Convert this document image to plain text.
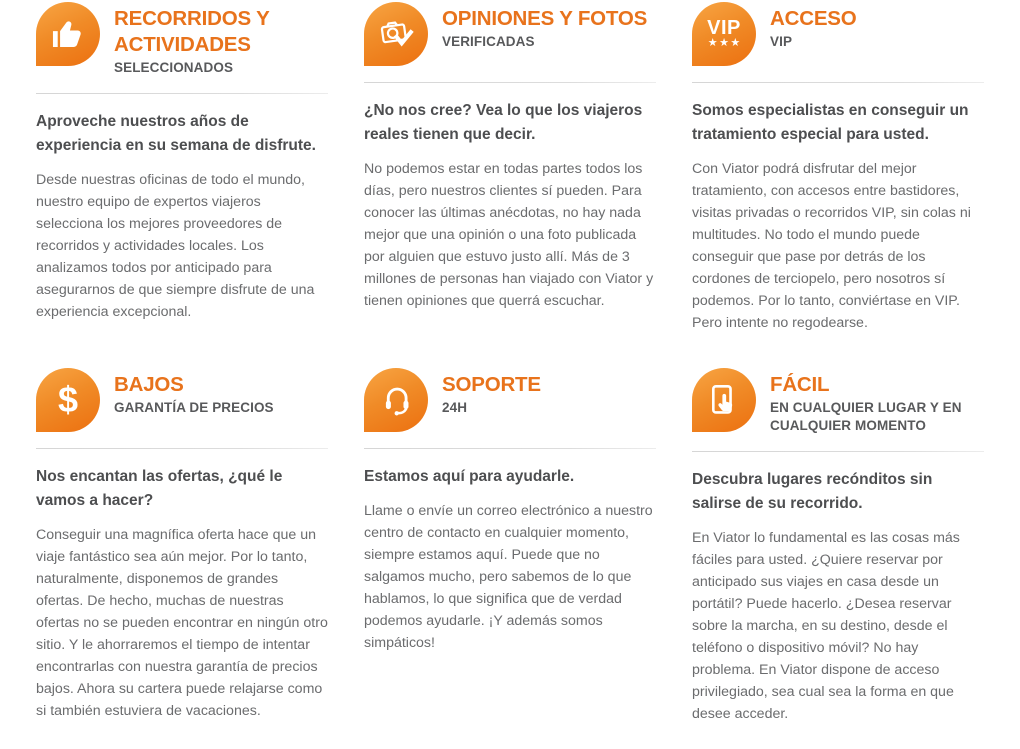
RECORRIDOS Y ACTIVIDADES
SELECCIONADOS
Aproveche nuestros años de experiencia en su semana de disfrute.

Desde nuestras oficinas de todo el mundo, nuestro equipo de expertos viajeros selecciona los mejores proveedores de recorridos y actividades locales. Los analizamos todos por anticipado para asegurarnos de que siempre disfrute de una experiencia excepcional.

OPINIONES Y FOTOS
VERIFICADAS
¿No nos cree? Vea lo que los viajeros reales tienen que decir.

No podemos estar en todas partes todos los días, pero nuestros clientes sí pueden. Para conocer las últimas anécdotas, no hay nada mejor que una opinión o una foto publicada por alguien que estuvo justo allí. Más de 3 millones de personas han viajado con Viator y tienen opiniones que querrá escuchar.

VIP
★★★
ACCESO
VIP
Somos especialistas en conseguir un tratamiento especial para usted.

Con Viator podrá disfrutar del mejor tratamiento, con accesos entre bastidores, visitas privadas o recorridos VIP, sin colas ni multitudes. No todo el mundo puede conseguir que pase por detrás de los cordones de terciopelo, pero nosotros sí podemos. Por lo tanto, conviértase en VIP. Pero intente no regodearse.

$ BAJOS
GARANTÍA DE PRECIOS
Nos encantan las ofertas, ¿qué le vamos a hacer?

Conseguir una magnífica oferta hace que un viaje fantástico sea aún mejor. Por lo tanto, naturalmente, disponemos de grandes ofertas. De hecho, muchas de nuestras ofertas no se pueden encontrar en ningún otro sitio. Y le ahorraremos el tiempo de intentar encontrarlas con nuestra garantía de precios bajos. Ahora su cartera puede relajarse como si también estuviera de vacaciones.

SOPORTE
24H
Estamos aquí para ayudarle.

Llame o envíe un correo electrónico a nuestro centro de contacto en cualquier momento, siempre estamos aquí. Puede que no salgamos mucho, pero sabemos de lo que hablamos, lo que significa que de verdad podemos ayudarle. ¡Y además somos simpáticos!

FÁCIL
EN CUALQUIER LUGAR Y EN CUALQUIER MOMENTO
Descubra lugares recónditos sin salirse de su recorrido.

En Viator lo fundamental es las cosas más fáciles para usted. ¿Quiere reservar por anticipado sus viajes en casa desde un portátil? Puede hacerlo. ¿Desea reservar sobre la marcha, en su destino, desde el teléfono o dispositivo móvil? No hay problema. En Viator dispone de acceso privilegiado, sea cual sea la forma en que desee acceder.
